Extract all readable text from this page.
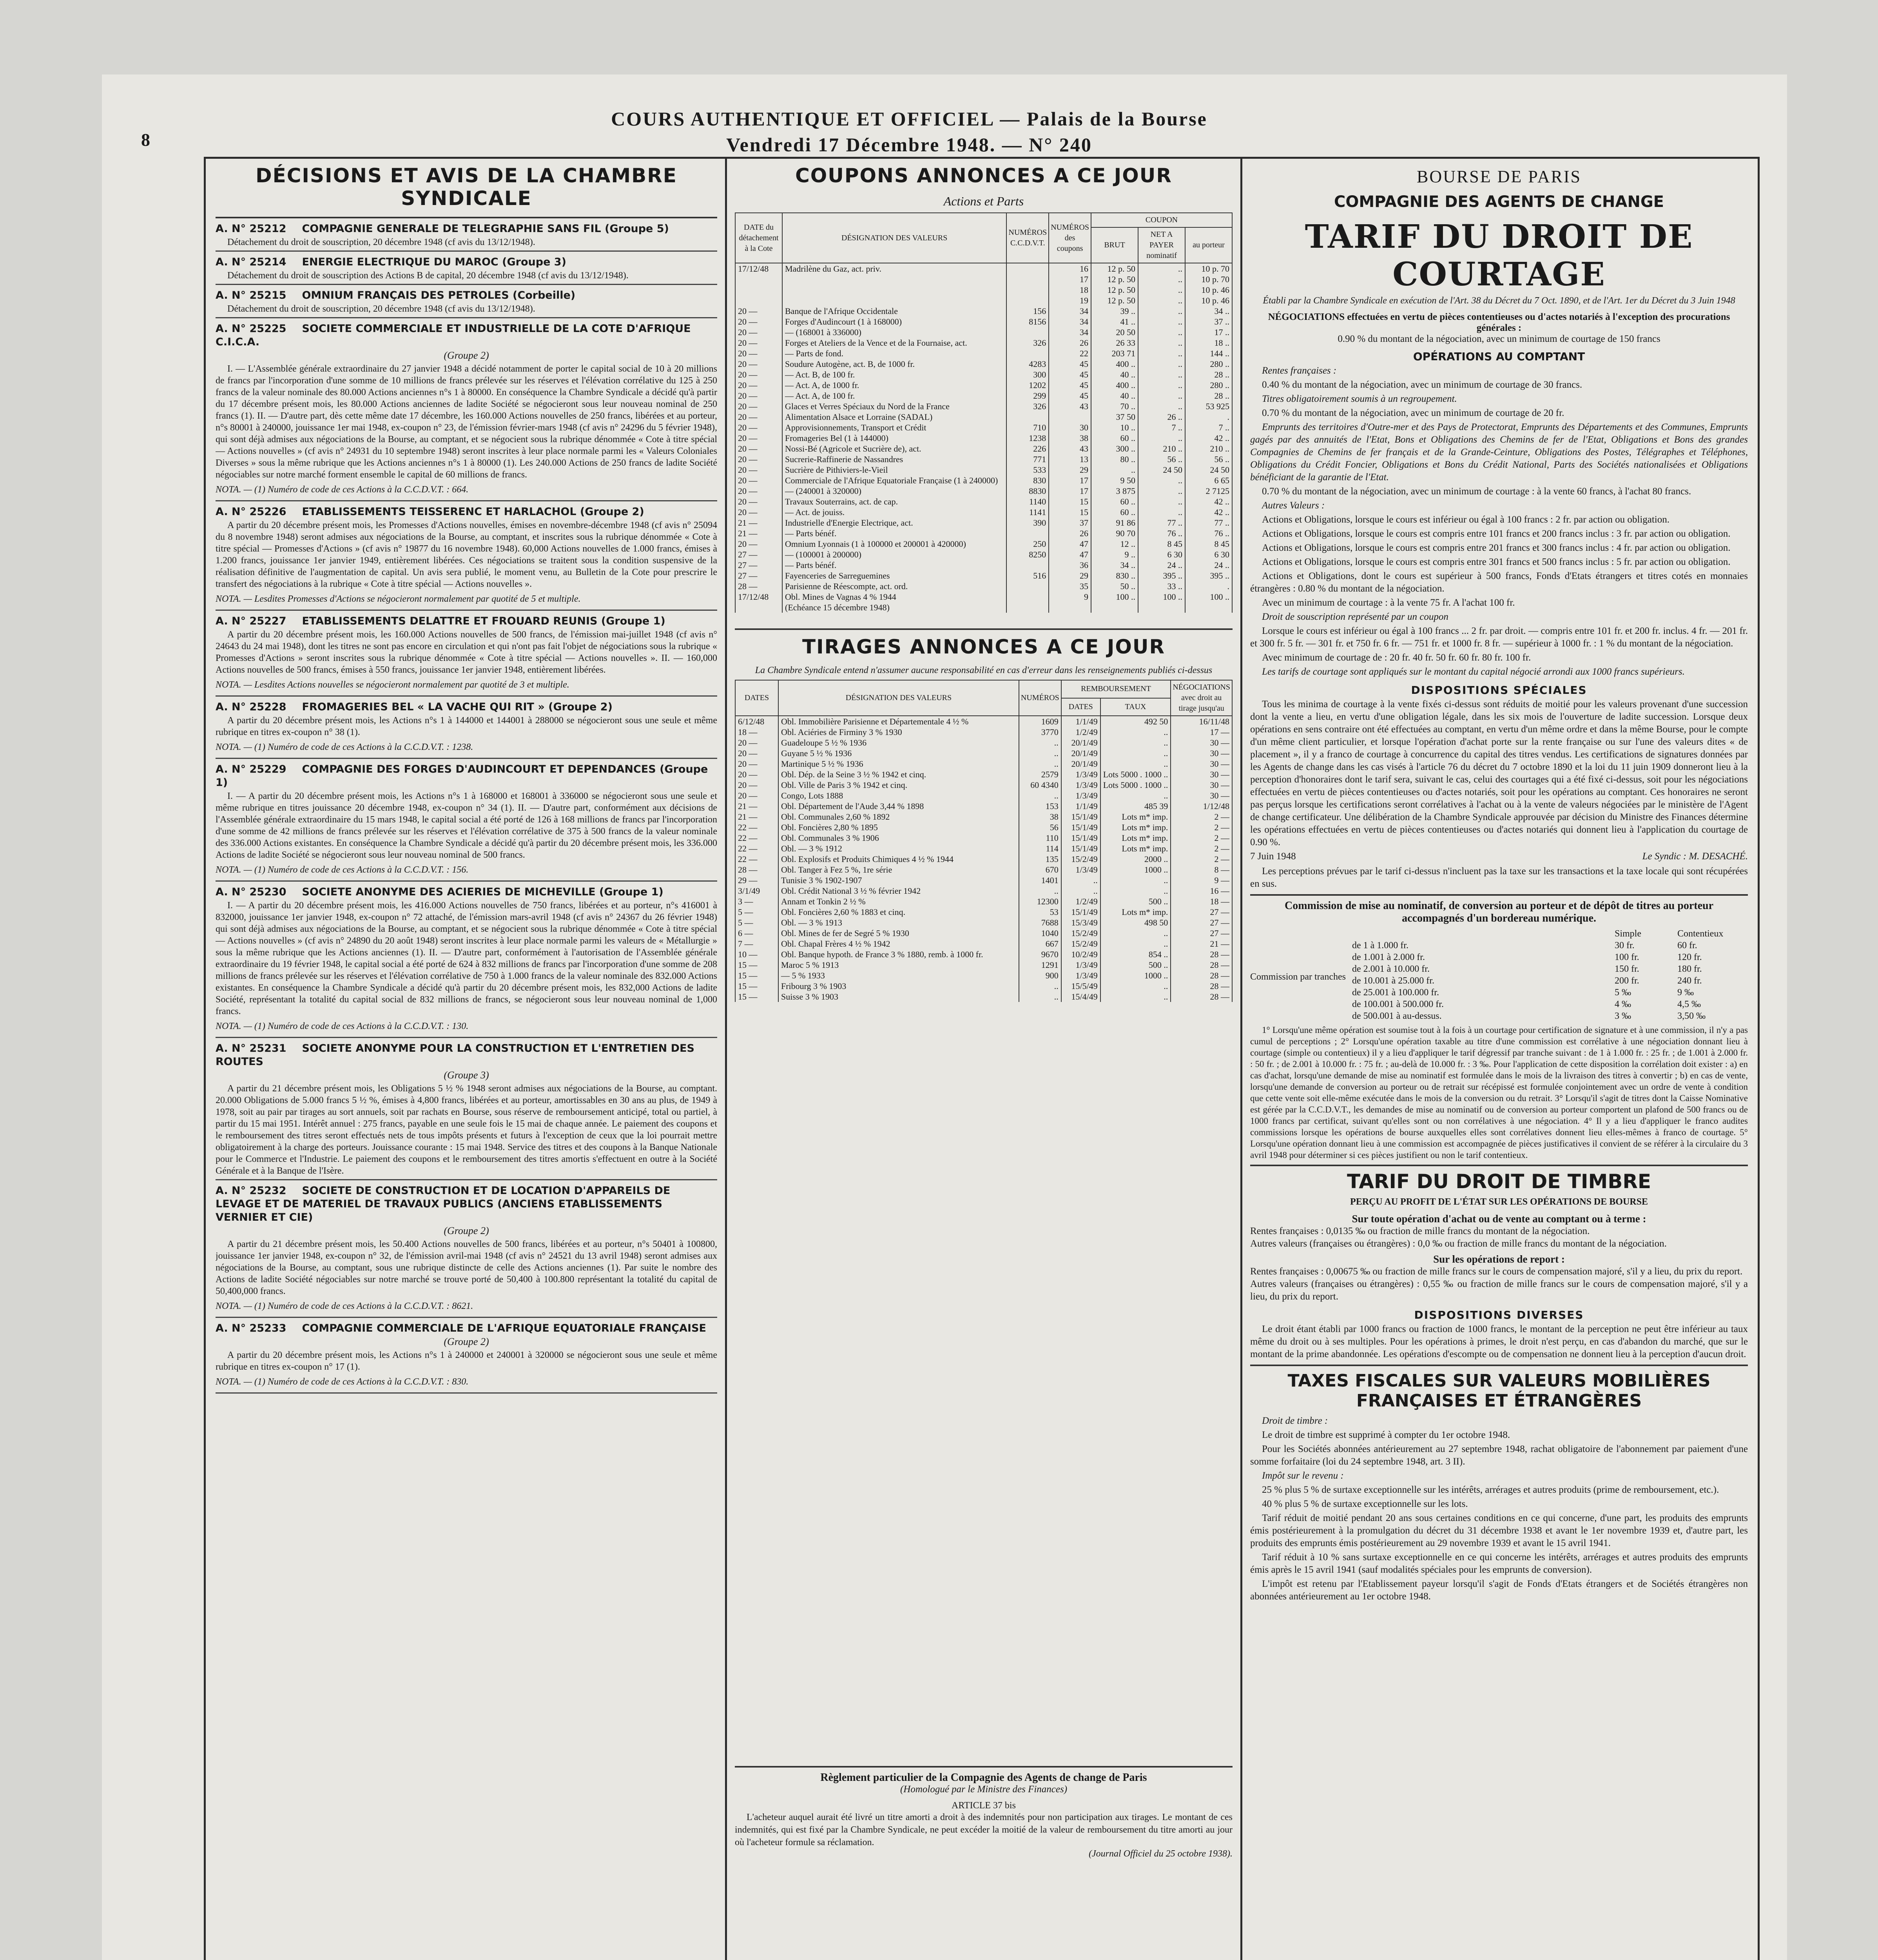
8
COURS AUTHENTIQUE ET OFFICIEL — Palais de la Bourse
Vendredi 17 Décembre 1948. — N° 240
DÉCISIONS ET AVIS DE LA CHAMBRE SYNDICALE
A. N° 25212 COMPAGNIE GENERALE DE TELEGRAPHIE SANS FIL (Groupe 5)

Détachement du droit de souscription, 20 décembre 1948 (cf avis du 13/12/1948).

A. N° 25214 ENERGIE ELECTRIQUE DU MAROC (Groupe 3)

Détachement du droit de souscription des Actions B de capital, 20 décembre 1948 (cf avis du 13/12/1948).

A. N° 25215 OMNIUM FRANÇAIS DES PETROLES (Corbeille)

Détachement du droit de souscription, 20 décembre 1948 (cf avis du 13/12/1948).

A. N° 25225 SOCIETE COMMERCIALE ET INDUSTRIELLE DE LA COTE D'AFRIQUE C.I.C.A.
(Groupe 2)

I. — L'Assemblée générale extraordinaire du 27 janvier 1948 a décidé notamment de porter le capital social de 10 à 20 millions de francs par l'incorporation d'une somme de 10 millions de francs prélevée sur les réserves et l'élévation corrélative du 125 à 250 francs de la valeur nominale des 80.000 Actions anciennes n°s 1 à 80000. En conséquence la Chambre Syndicale a décidé qu'à partir du 17 décembre présent mois, les 80.000 Actions anciennes de ladite Société se négocieront sous leur nouveau nominal de 250 francs (1). II. — D'autre part, dès cette même date 17 décembre, les 160.000 Actions nouvelles de 250 francs, libérées et au porteur, n°s 80001 à 240000, jouissance 1er mai 1948, ex-coupon n° 23, de l'émission février-mars 1948 (cf avis n° 24296 du 5 février 1948), qui sont déjà admises aux négociations de la Bourse, au comptant, et se négocient sous la rubrique dénommée « Cote à titre spécial — Actions nouvelles » (cf avis n° 24931 du 10 septembre 1948) seront inscrites à leur place normale parmi les « Valeurs Coloniales Diverses » sous la même rubrique que les Actions anciennes n°s 1 à 80000 (1). Les 240.000 Actions de 250 francs de ladite Société négociables sur notre marché forment ensemble le capital de 60 millions de francs.

NOTA. — (1) Numéro de code de ces Actions à la C.C.D.V.T. : 664.
A. N° 25226 ETABLISSEMENTS TEISSERENC ET HARLACHOL (Groupe 2)

A partir du 20 décembre présent mois, les Promesses d'Actions nouvelles, émises en novembre-décembre 1948 (cf avis n° 25094 du 8 novembre 1948) seront admises aux négociations de la Bourse, au comptant, et inscrites sous la rubrique dénommée « Cote à titre spécial — Promesses d'Actions » (cf avis n° 19877 du 16 novembre 1948). 60,000 Actions nouvelles de 1.000 francs, émises à 1.200 francs, jouissance 1er janvier 1949, entièrement libérées. Ces négociations se traitent sous la condition suspensive de la réalisation définitive de l'augmentation de capital. Un avis sera publié, le moment venu, au Bulletin de la Cote pour prescrire le transfert des négociations à la rubrique « Cote à titre spécial — Actions nouvelles ».

NOTA. — Lesdites Promesses d'Actions se négocieront normalement par quotité de 5 et multiple.
A. N° 25227 ETABLISSEMENTS DELATTRE ET FROUARD REUNIS (Groupe 1)

A partir du 20 décembre présent mois, les 160.000 Actions nouvelles de 500 francs, de l'émission mai-juillet 1948 (cf avis n° 24643 du 24 mai 1948), dont les titres ne sont pas encore en circulation et qui n'ont pas fait l'objet de négociations sous la rubrique « Promesses d'Actions » seront inscrites sous la rubrique dénommée « Cote à titre spécial — Actions nouvelles ». II. — 160,000 Actions nouvelles de 500 francs, émises à 550 francs, jouissance 1er janvier 1948, entièrement libérées.

NOTA. — Lesdites Actions nouvelles se négocieront normalement par quotité de 3 et multiple.
A. N° 25228 FROMAGERIES BEL « LA VACHE QUI RIT » (Groupe 2)

A partir du 20 décembre présent mois, les Actions n°s 1 à 144000 et 144001 à 288000 se négocieront sous une seule et même rubrique en titres ex-coupon n° 38 (1).

NOTA. — (1) Numéro de code de ces Actions à la C.C.D.V.T. : 1238.
A. N° 25229 COMPAGNIE DES FORGES D'AUDINCOURT ET DEPENDANCES (Groupe 1)

I. — A partir du 20 décembre présent mois, les Actions n°s 1 à 168000 et 168001 à 336000 se négocieront sous une seule et même rubrique en titres jouissance 20 décembre 1948, ex-coupon n° 34 (1). II. — D'autre part, conformément aux décisions de l'Assemblée générale extraordinaire du 15 mars 1948, le capital social a été porté de 126 à 168 millions de francs par l'incorporation d'une somme de 42 millions de francs prélevée sur les réserves et l'élévation corrélative de 375 à 500 francs de la valeur nominale des 336.000 Actions existantes. En conséquence la Chambre Syndicale a décidé qu'à partir du 20 décembre présent mois, les 336.000 Actions de ladite Société se négocieront sous leur nouveau nominal de 500 francs.

NOTA. — (1) Numéro de code de ces Actions à la C.C.D.V.T. : 156.
A. N° 25230 SOCIETE ANONYME DES ACIERIES DE MICHEVILLE (Groupe 1)

I. — A partir du 20 décembre présent mois, les 416.000 Actions nouvelles de 750 francs, libérées et au porteur, n°s 416001 à 832000, jouissance 1er janvier 1948, ex-coupon n° 72 attaché, de l'émission mars-avril 1948 (cf avis n° 24367 du 26 février 1948) qui sont déjà admises aux négociations de la Bourse, au comptant, et se négocient sous la rubrique dénommée « Cote à titre spécial — Actions nouvelles » (cf avis n° 24890 du 20 août 1948) seront inscrites à leur place normale parmi les valeurs de « Métallurgie » sous la même rubrique que les Actions anciennes (1). II. — D'autre part, conformément à l'autorisation de l'Assemblée générale extraordinaire du 19 février 1948, le capital social a été porté de 624 à 832 millions de francs par l'incorporation d'une somme de 208 millions de francs prélevée sur les réserves et l'élévation corrélative de 750 à 1.000 francs de la valeur nominale des 832.000 Actions existantes. En conséquence la Chambre Syndicale a décidé qu'à partir du 20 décembre présent mois, les 832,000 Actions de ladite Société, représentant la totalité du capital social de 832 millions de francs, se négocieront sous leur nouveau nominal de 1,000 francs.

NOTA. — (1) Numéro de code de ces Actions à la C.C.D.V.T. : 130.
A. N° 25231 SOCIETE ANONYME POUR LA CONSTRUCTION ET L'ENTRETIEN DES ROUTES
(Groupe 3)

A partir du 21 décembre présent mois, les Obligations 5 ½ % 1948 seront admises aux négociations de la Bourse, au comptant. 20.000 Obligations de 5.000 francs 5 ½ %, émises à 4,800 francs, libérées et au porteur, amortissables en 30 ans au plus, de 1949 à 1978, soit au pair par tirages au sort annuels, soit par rachats en Bourse, sous réserve de remboursement anticipé, total ou partiel, à partir du 15 mai 1951. Intérêt annuel : 275 francs, payable en une seule fois le 15 mai de chaque année. Le paiement des coupons et le remboursement des titres seront effectués nets de tous impôts présents et futurs à l'exception de ceux que la loi pourrait mettre obligatoirement à la charge des porteurs. Jouissance courante : 15 mai 1948. Service des titres et des coupons à la Banque Nationale pour le Commerce et l'Industrie. Le paiement des coupons et le remboursement des titres amortis s'effectuent en outre à la Société Générale et à la Banque de l'Isère.

A. N° 25232 SOCIETE DE CONSTRUCTION ET DE LOCATION D'APPAREILS DE LEVAGE ET DE MATERIEL DE TRAVAUX PUBLICS (ANCIENS ETABLISSEMENTS VERNIER ET CIE)
(Groupe 2)

A partir du 21 décembre présent mois, les 50.400 Actions nouvelles de 500 francs, libérées et au porteur, n°s 50401 à 100800, jouissance 1er janvier 1948, ex-coupon n° 32, de l'émission avril-mai 1948 (cf avis n° 24521 du 13 avril 1948) seront admises aux négociations de la Bourse, au comptant, sous une rubrique distincte de celle des Actions anciennes (1). Par suite le nombre des Actions de ladite Société négociables sur notre marché se trouve porté de 50,400 à 100.800 représentant la totalité du capital de 50,400,000 francs.

NOTA. — (1) Numéro de code de ces Actions à la C.C.D.V.T. : 8621.
A. N° 25233 COMPAGNIE COMMERCIALE DE L'AFRIQUE EQUATORIALE FRANÇAISE
(Groupe 2)

A partir du 20 décembre présent mois, les Actions n°s 1 à 240000 et 240001 à 320000 se négocieront sous une seule et même rubrique en titres ex-coupon n° 17 (1).

NOTA. — (1) Numéro de code de ces Actions à la C.C.D.V.T. : 830.
COUPONS ANNONCES A CE JOUR
Actions et Parts
DATE du détachement à la Cote	DÉSIGNATION DES VALEURS	NUMÉROS C.C.D.V.T.	NUMÉROS des coupons	COUPON		
				BRUT	NET A PAYER nominatif	au porteur
17/12/48	Madrilène du Gaz, act. priv.		16	12 p. 50	..	10 p. 70
			17	12 p. 50	..	10 p. 70
			18	12 p. 50	..	10 p. 46
			19	12 p. 50	..	10 p. 46
20 —	Banque de l'Afrique Occidentale	156	34	39 ..	..	34 ..
20 —	Forges d'Audincourt (1 à 168000)	8156	34	41 ..	..	37 ..
20 —	— (168001 à 336000)		34	20 50	..	17 ..
20 —	Forges et Ateliers de la Vence et de la Fournaise, act.	326	26	26 33	..	18 ..
20 —	— Parts de fond.		22	203 71	..	144 ..
20 —	Soudure Autogène, act. B, de 1000 fr.	4283	45	400 ..	..	280 ..
20 —	— Act. B, de 100 fr.	300	45	40 ..	..	28 ..
20 —	— Act. A, de 1000 fr.	1202	45	400 ..	..	280 ..
20 —	— Act. A, de 100 fr.	299	45	40 ..	..	28 ..
20 —	Glaces et Verres Spéciaux du Nord de la France	326	43	70 ..	..	53 925
20 —	Alimentation Alsace et Lorraine (SADAL)			37 50	26 ..	.
20 —	Approvisionnements, Transport et Crédit	710	30	10 ..	7 ..	7 ..
20 —	Fromageries Bel (1 à 144000)	1238	38	60 ..	..	42 ..
20 —	Nossi-Bé (Agricole et Sucrière de), act.	226	43	300 ..	210 ..	210 ..
20 —	Sucrerie-Raffinerie de Nassandres	771	13	80 ..	56 ..	56 ..
20 —	Sucrière de Pithiviers-le-Vieil	533	29	..	24 50	24 50
20 —	Commerciale de l'Afrique Equatoriale Française (1 à 240000)	830	17	9 50	..	6 65
20 —	— (240001 à 320000)	8830	17	3 875	..	2 7125
20 —	Travaux Souterrains, act. de cap.	1140	15	60 ..	..	42 ..
20 —	— Act. de jouiss.	1141	15	60 ..	..	42 ..
21 —	Industrielle d'Energie Electrique, act.	390	37	91 86	77 ..	77 ..
21 —	— Parts bénéf.		26	90 70	76 ..	76 ..
20 —	Omnium Lyonnais (1 à 100000 et 200001 à 420000)	250	47	12 ..	8 45	8 45
27 —	— (100001 à 200000)	8250	47	9 ..	6 30	6 30
27 —	— Parts bénéf.		36	34 ..	24 ..	24 ..
27 —	Fayenceries de Sarreguemines	516	29	830 ..	395 ..	395 ..
28 —	Parisienne de Réescompte, act. ord.		35	50 ..	33 ..	.
17/12/48	Obl. Mines de Vagnas 4 % 1944		9	100 ..	100 ..	100 ..
	(Echéance 15 décembre 1948)					
TIRAGES ANNONCES A CE JOUR
La Chambre Syndicale entend n'assumer aucune responsabilité en cas d'erreur dans les renseignements publiés ci-dessus
DATES	DÉSIGNATION DES VALEURS	NUMÉROS	REMBOURSEMENT		NÉGOCIATIONS avec droit au tirage jusqu'au
			DATES	TAUX	
6/12/48	Obl. Immobilière Parisienne et Départementale 4 ½ %	1609	1/1/49	492 50	16/11/48
18 —	Obl. Aciéries de Firminy 3 % 1930	3770	1/2/49	..	17 —
20 —	Guadeloupe 5 ½ % 1936	..	20/1/49	..	30 —
20 —	Guyane 5 ½ % 1936	..	20/1/49	..	30 —
20 —	Martinique 5 ½ % 1936	..	20/1/49	..	30 —
20 —	Obl. Dép. de la Seine 3 ½ % 1942 et cinq.	2579	1/3/49	Lots 5000 . 1000 ..	30 —
20 —	Obl. Ville de Paris 3 % 1942 et cinq.	60 4340	1/3/49	Lots 5000 . 1000 ..	30 —
20 —	Congo, Lots 1888	..	1/3/49	..	30 —
21 —	Obl. Département de l'Aude 3,44 % 1898	153	1/1/49	485 39	1/12/48
21 —	Obl. Communales 2,60 % 1892	38	15/1/49	Lots m* imp.	2 —
22 —	Obl. Foncières 2,80 % 1895	56	15/1/49	Lots m* imp.	2 —
22 —	Obl. Communales 3 % 1906	110	15/1/49	Lots m* imp.	2 —
22 —	Obl. — 3 % 1912	114	15/1/49	Lots m* imp.	2 —
22 —	Obl. Explosifs et Produits Chimiques 4 ½ % 1944	135	15/2/49	2000 ..	2 —
28 —	Obl. Tanger à Fez 5 %, 1re série	670	1/3/49	1000 ..	8 —
29 —	Tunisie 3 % 1902-1907	1401	..	..	9 —
3/1/49	Obl. Crédit National 3 ½ % février 1942	..	..	..	16 —
3 —	Annam et Tonkin 2 ½ %	12300	1/2/49	500 ..	18 —
5 —	Obl. Foncières 2,60 % 1883 et cinq.	53	15/1/49	Lots m* imp.	27 —
5 —	Obl. — 3 % 1913	7688	15/3/49	498 50	27 —
6 —	Obl. Mines de fer de Segré 5 % 1930	1040	15/2/49	..	27 —
7 —	Obl. Chapal Frères 4 ½ % 1942	667	15/2/49	..	21 —
10 —	Obl. Banque hypoth. de France 3 % 1880, remb. à 1000 fr.	9670	10/2/49	854 ..	28 —
15 —	Maroc 5 % 1913	1291	1/3/49	500 ..	28 —
15 —	— 5 % 1933	900	1/3/49	1000 ..	28 —
15 —	Fribourg 3 % 1903	..	15/5/49	..	28 —
15 —	Suisse 3 % 1903	..	15/4/49	..	28 —
Règlement particulier de la Compagnie des Agents de change de Paris
(Homologué par le Ministre des Finances)
ARTICLE 37 bis
L'acheteur auquel aurait été livré un titre amorti a droit à des indemnités pour non participation aux tirages. Le montant de ces indemnités, qui est fixé par la Chambre Syndicale, ne peut excéder la moitié de la valeur de remboursement du titre amorti au jour où l'acheteur formule sa réclamation.
(Journal Officiel du 25 octobre 1938).
BOURSE DE PARIS
COMPAGNIE DES AGENTS DE CHANGE
TARIF DU DROIT DE COURTAGE
Établi par la Chambre Syndicale en exécution de l'Art. 38 du Décret du 7 Oct. 1890, et de l'Art. 1er du Décret du 3 Juin 1948
NÉGOCIATIONS effectuées en vertu de pièces contentieuses ou d'actes notariés à l'exception des procurations générales :
0.90 % du montant de la négociation, avec un minimum de courtage de 150 francs
OPÉRATIONS AU COMPTANT

Rentes françaises :

0.40 % du montant de la négociation, avec un minimum de courtage de 30 francs.

Titres obligatoirement soumis à un regroupement.

0.70 % du montant de la négociation, avec un minimum de courtage de 20 fr.

Emprunts des territoires d'Outre-mer et des Pays de Protectorat, Emprunts des Départements et des Communes, Emprunts gagés par des annuités de l'Etat, Bons et Obligations des Chemins de fer de l'Etat, Obligations et Bons des grandes Compagnies de Chemins de fer français et de la Grande-Ceinture, Obligations des Postes, Télégraphes et Téléphones, Obligations du Crédit Foncier, Obligations et Bons du Crédit National, Parts des Sociétés nationalisées et Obligations bénéficiant de la garantie de l'Etat.

0.70 % du montant de la négociation, avec un minimum de courtage : à la vente 60 francs, à l'achat 80 francs.

Autres Valeurs :

Actions et Obligations, lorsque le cours est inférieur ou égal à 100 francs : 2 fr. par action ou obligation.

Actions et Obligations, lorsque le cours est compris entre 101 francs et 200 francs inclus : 3 fr. par action ou obligation.

Actions et Obligations, lorsque le cours est compris entre 201 francs et 300 francs inclus : 4 fr. par action ou obligation.

Actions et Obligations, lorsque le cours est compris entre 301 francs et 500 francs inclus : 5 fr. par action ou obligation.

Actions et Obligations, dont le cours est supérieur à 500 francs, Fonds d'Etats étrangers et titres cotés en monnaies étrangères : 0.80 % du montant de la négociation.

Avec un minimum de courtage : à la vente 75 fr. A l'achat 100 fr.

Droit de souscription représenté par un coupon

Lorsque le cours est inférieur ou égal à 100 francs ... 2 fr. par droit. — compris entre 101 fr. et 200 fr. inclus. 4 fr. — 201 fr. et 300 fr. 5 fr. — 301 fr. et 750 fr. 6 fr. — 751 fr. et 1000 fr. 8 fr. — supérieur à 1000 fr. : 1 % du montant de la négociation.

Avec minimum de courtage de : 20 fr. 40 fr. 50 fr. 60 fr. 80 fr. 100 fr.

Les tarifs de courtage sont appliqués sur le montant du capital négocié arrondi aux 1000 francs supérieurs.

DISPOSITIONS SPÉCIALES
Tous les minima de courtage à la vente fixés ci-dessus sont réduits de moitié pour les valeurs provenant d'une succession dont la vente a lieu, en vertu d'une obligation légale, dans les six mois de l'ouverture de ladite succession. Lorsque deux opérations en sens contraire ont été effectuées au comptant, en vertu d'un même ordre et dans la même Bourse, pour le compte d'un même client particulier, et lorsque l'opération d'achat porte sur la rente française ou sur l'une des valeurs dites « de placement », il y a franco de courtage à concurrence du capital des titres vendus. Les certifications de signatures données par les Agents de change dans les cas visés à l'article 76 du décret du 7 octobre 1890 et la loi du 11 juin 1909 donneront lieu à la perception d'honoraires dont le tarif sera, suivant le cas, celui des courtages qui a été fixé ci-dessus, soit pour les négociations effectuées en vertu de pièces contentieuses ou d'actes notariés, soit pour les opérations au comptant. Ces honoraires ne seront pas perçus lorsque les certifications seront corrélatives à l'achat ou à la vente de valeurs négociées par le ministère de l'Agent de change certificateur. Une délibération de la Chambre Syndicale approuvée par décision du Ministre des Finances détermine les opérations effectuées en vertu de pièces contentieuses ou d'actes notariés qui donnent lieu à l'application du courtage de 0.90 %.
7 Juin 1948	Le Syndic : M. DESACHÉ.
Les perceptions prévues par le tarif ci-dessus n'incluent pas la taxe sur les transactions et la taxe locale qui sont récupérées en sus.
Commission de mise au nominatif, de conversion au porteur et de dépôt de titres au porteur accompagnés d'un bordereau numérique.
Commission par tranches
Simple	Contentieux
de 1 à 1.000 fr.	30 fr.	60 fr.
de 1.001 à 2.000 fr.	100 fr.	120 fr.
de 2.001 à 10.000 fr.	150 fr.	180 fr.
de 10.001 à 25.000 fr.	200 fr.	240 fr.
de 25.001 à 100.000 fr.	5 ‰	9 ‰
de 100.001 à 500.000 fr.	4 ‰	4,5 ‰
de 500.001 à au-dessus.	3 ‰	3,50 ‰
1° Lorsqu'une même opération est soumise tout à la fois à un courtage pour certification de signature et à une commission, il n'y a pas cumul de perceptions ; 2° Lorsqu'une opération taxable au titre d'une commission est corrélative à une négociation donnant lieu à courtage (simple ou contentieux) il y a lieu d'appliquer le tarif dégressif par tranche suivant : de 1 à 1.000 fr. : 25 fr. ; de 1.001 à 2.000 fr. : 50 fr. ; de 2.001 à 10.000 fr. : 75 fr. ; au-delà de 10.000 fr. : 3 ‰. Pour l'application de cette disposition la corrélation doit exister : a) en cas d'achat, lorsqu'une demande de mise au nominatif est formulée dans le mois de la livraison des titres à convertir ; b) en cas de vente, lorsqu'une demande de conversion au porteur ou de retrait sur récépissé est formulée conjointement avec un ordre de vente à condition que cette vente soit elle-même exécutée dans le mois de la conversion ou du retrait. 3° Lorsqu'il s'agit de titres dont la Caisse Nominative est gérée par la C.C.D.V.T., les demandes de mise au nominatif ou de conversion au porteur comportent un plafond de 500 francs ou de 1000 francs par certificat, suivant qu'elles sont ou non corrélatives à une négociation. 4° Il y a lieu d'appliquer le franco audites commissions lorsque les opérations de bourse auxquelles elles sont corrélatives donnent lieu elles-mêmes à franco de courtage. 5° Lorsqu'une opération donnant lieu à une commission est accompagnée de pièces justificatives il convient de se référer à la circulaire du 3 avril 1948 pour déterminer si ces pièces justifient ou non le tarif contentieux.
TARIF DU DROIT DE TIMBRE
PERÇU AU PROFIT DE L'ÉTAT SUR LES OPÉRATIONS DE BOURSE
Sur toute opération d'achat ou de vente au comptant ou à terme :
Rentes françaises : 0,0135 ‰ ou fraction de mille francs du montant de la négociation.
Autres valeurs (françaises ou étrangères) : 0,0 ‰ ou fraction de mille francs du montant de la négociation.
Sur les opérations de report :
Rentes françaises : 0,00675 ‰ ou fraction de mille francs sur le cours de compensation majoré, s'il y a lieu, du prix du report.
Autres valeurs (françaises ou étrangères) : 0,55 ‰ ou fraction de mille francs sur le cours de compensation majoré, s'il y a lieu, du prix du report.
DISPOSITIONS DIVERSES
Le droit étant établi par 1000 francs ou fraction de 1000 francs, le montant de la perception ne peut être inférieur au taux même du droit ou à ses multiples. Pour les opérations à primes, le droit n'est perçu, en cas d'abandon du marché, que sur le montant de la prime abandonnée. Les opérations d'escompte ou de compensation ne donnent lieu à la perception d'aucun droit.
TAXES FISCALES SUR VALEURS MOBILIÈRES
FRANÇAISES ET ÉTRANGÈRES

Droit de timbre :

Le droit de timbre est supprimé à compter du 1er octobre 1948.

Pour les Sociétés abonnées antérieurement au 27 septembre 1948, rachat obligatoire de l'abonnement par paiement d'une somme forfaitaire (loi du 24 septembre 1948, art. 3 II).

Impôt sur le revenu :

25 % plus 5 % de surtaxe exceptionnelle sur les intérêts, arrérages et autres produits (prime de remboursement, etc.).

40 % plus 5 % de surtaxe exceptionnelle sur les lots.

Tarif réduit de moitié pendant 20 ans sous certaines conditions en ce qui concerne, d'une part, les produits des emprunts émis postérieurement à la promulgation du décret du 31 décembre 1938 et avant le 1er novembre 1939 et, d'autre part, les produits des emprunts émis postérieurement au 29 novembre 1939 et avant le 15 avril 1941.

Tarif réduit à 10 % sans surtaxe exceptionnelle en ce qui concerne les intérêts, arrérages et autres produits des emprunts émis après le 15 avril 1941 (sauf modalités spéciales pour les emprunts de conversion).

L'impôt est retenu par l'Etablissement payeur lorsqu'il s'agit de Fonds d'Etats étrangers et de Sociétés étrangères non abonnées antérieurement au 1er octobre 1948.
